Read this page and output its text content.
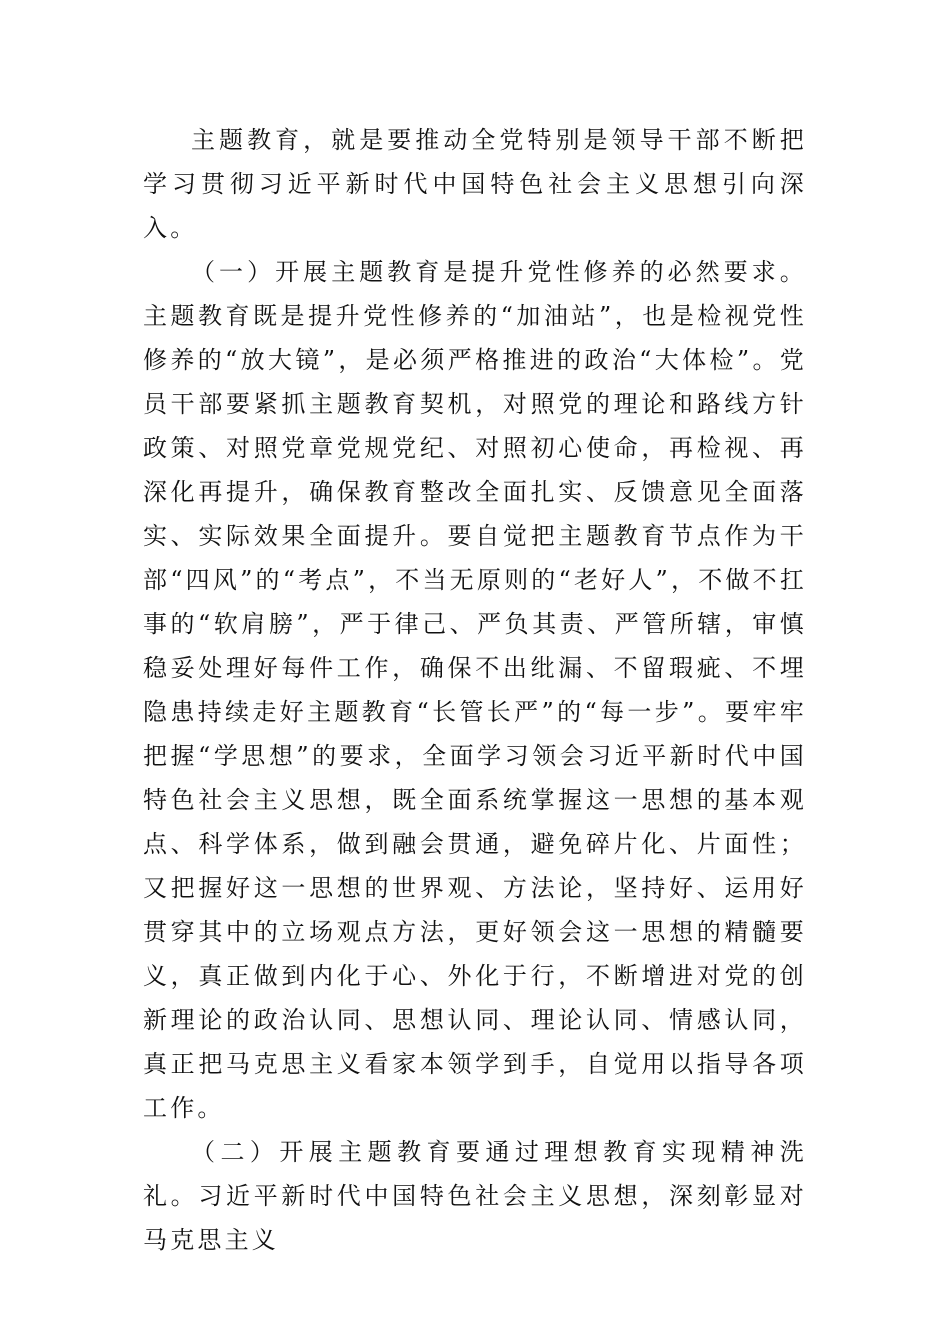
主题教育，就是要推动全党特别是领导干部不断把学习贯彻习近平新时代中国特色社会主义思想引向深入。

（一）开展主题教育是提升党性修养的必然要求。主题教育既是提升党性修养的“加油站”，也是检视党性修养的“放大镜”，是必须严格推进的政治“大体检”。党员干部要紧抓主题教育契机，对照党的理论和路线方针政策、对照党章党规党纪、对照初心使命，再检视、再深化再提升，确保教育整改全面扎实、反馈意见全面落实、实际效果全面提升。要自觉把主题教育节点作为干部“四风”的“考点”，不当无原则的“老好人”，不做不扛事的“软肩膀”，严于律己、严负其责、严管所辖，审慎稳妥处理好每件工作，确保不出纰漏、不留瑕疵、不埋隐患持续走好主题教育“长管长严”的“每一步”。要牢牢把握“学思想”的要求，全面学习领会习近平新时代中国特色社会主义思想，既全面系统掌握这一思想的基本观点、科学体系，做到融会贯通，避免碎片化、片面性；又把握好这一思想的世界观、方法论，坚持好、运用好贯穿其中的立场观点方法，更好领会这一思想的精髓要义，真正做到内化于心、外化于行，不断增进对党的创新理论的政治认同、思想认同、理论认同、情感认同，真正把马克思主义看家本领学到手，自觉用以指导各项工作。

（二）开展主题教育要通过理想教育实现精神洗礼。习近平新时代中国特色社会主义思想，深刻彰显对马克思主义
